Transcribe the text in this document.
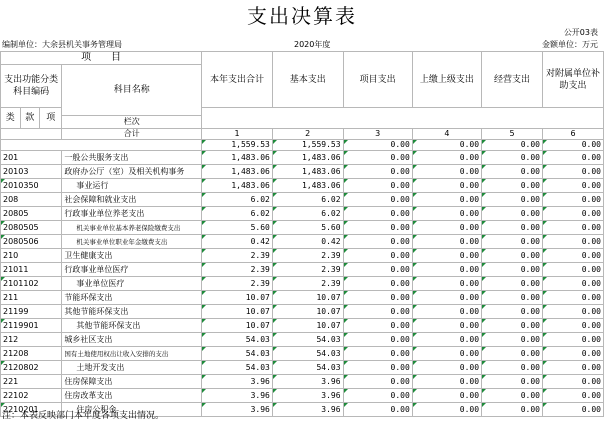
支出决算表
公开03表
编制单位：大余县机关事务管理局	2020年度	金额单位：万元
项　　目				本年支出合计	基本支出	项目支出	上缴上级支出	经营支出	对附属单位补助支出
支出功能分类科目编码			科目名称						

类	款	项							
			栏次						
			合计	1	2	3	4	5	6
				1,559.53	1,559.53	0.00	0.00	0.00	0.00
201			一般公共服务支出	1,483.06	1,483.06	0.00	0.00	0.00	0.00
20103			政府办公厅（室）及相关机构事务	1,483.06	1,483.06	0.00	0.00	0.00	0.00
2010350			事业运行	1,483.06	1,483.06	0.00	0.00	0.00	0.00
208			社会保障和就业支出	6.02	6.02	0.00	0.00	0.00	0.00
20805			行政事业单位养老支出	6.02	6.02	0.00	0.00	0.00	0.00
2080505			机关事业单位基本养老保险缴费支出	5.60	5.60	0.00	0.00	0.00	0.00
2080506			机关事业单位职业年金缴费支出	0.42	0.42	0.00	0.00	0.00	0.00
210			卫生健康支出	2.39	2.39	0.00	0.00	0.00	0.00
21011			行政事业单位医疗	2.39	2.39	0.00	0.00	0.00	0.00
2101102			事业单位医疗	2.39	2.39	0.00	0.00	0.00	0.00
211			节能环保支出	10.07	10.07	0.00	0.00	0.00	0.00
21199			其他节能环保支出	10.07	10.07	0.00	0.00	0.00	0.00
2119901			其他节能环保支出	10.07	10.07	0.00	0.00	0.00	0.00
212			城乡社区支出	54.03	54.03	0.00	0.00	0.00	0.00
21208			国有土地使用权出让收入安排的支出	54.03	54.03	0.00	0.00	0.00	0.00
2120802			土地开发支出	54.03	54.03	0.00	0.00	0.00	0.00
221			住房保障支出	3.96	3.96	0.00	0.00	0.00	0.00
22102			住房改革支出	3.96	3.96	0.00	0.00	0.00	0.00
2210201			住房公积金	3.96	3.96	0.00	0.00	0.00	0.00
注：本表反映部门本年度各项支出情况。
